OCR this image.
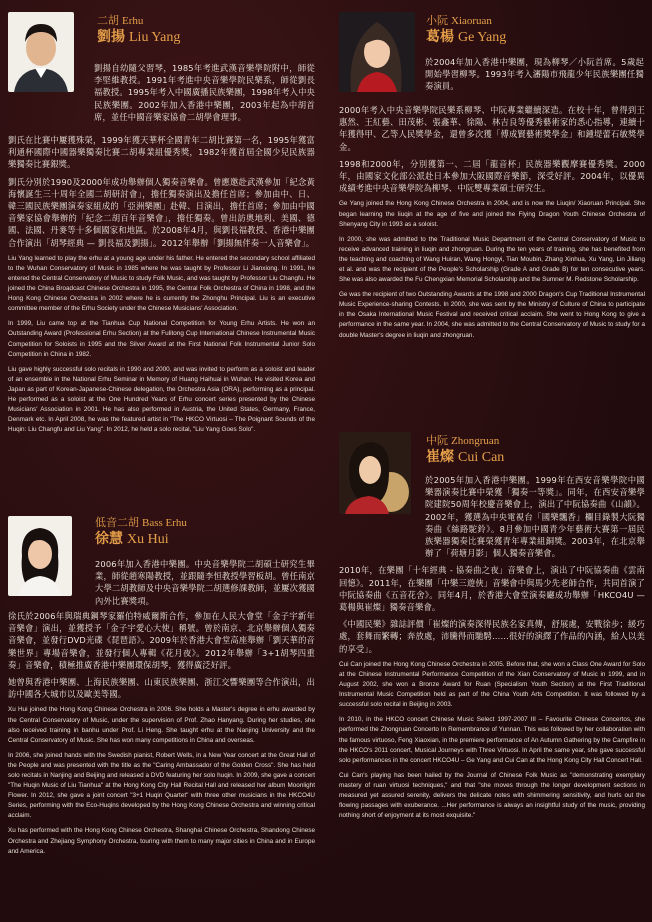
二胡 Erhu
劉揚 Liu Yang

劉揚自幼隨父習琴，1985年考進武漢音樂學院附中，師從李堅維教授。1991年考進中央音樂學院民樂系，師從劉長福教授。1995年考入中國廣播民族樂團，1998年考入中央民族樂團。2002年加入香港中樂團，2003年起為中胡首席，並任中國音樂家協會二胡學會理事。

劉氏在比賽中屢獲殊榮，1999年獲天華杯全國青年二胡比賽第一名，1995年獲富利通杯國際中國器樂獨奏比賽二胡專業組優秀獎，1982年獲首屆全國少兒民族器樂獨奏比賽銀獎。

劉氏分別於1990及2000年成功舉辦個人獨奏音樂會。曾應邀赴武漢參加「紀念黃海懷誕生三十周年全國二胡研討會」，擔任獨奏演出及擔任首席；參加由中、日、韓三國民族樂團演奏家組成的「亞洲樂團」赴韓、日演出，擔任首席；參加由中國音樂家協會舉辦的「紀念二胡百年音樂會」，擔任獨奏。曾出訪奧地利、美國、德國、法國、丹麥等十多個國家和地區。於2008年4月，與劉長福教授、香港中樂團合作演出「胡琴經典 — 劉長福及劉揚」。2012年舉辦「劉揚無伴奏一人音樂會」。

Liu Yang learned to play the erhu at a young age under his father. He entered the secondary school affiliated to the Wuhan Conservatory of Music in 1985 where he was taught by Professor Li Jianxiong. In 1991, he entered the Central Conservatory of Music to study Folk Music, and was taught by Professor Liu Changfu. He joined the China Broadcast Chinese Orchestra in 1995, the Central Folk Orchestra of China in 1998, and the Hong Kong Chinese Orchestra in 2002 where he is currently the Zhonghu Principal. Liu is an executive committee member of the Erhu Society under the Chinese Musicians' Association.

In 1999, Liu came top at the Tianhua Cup National Competition for Young Erhu Artists. He won an Outstanding Award (Professional Erhu Section) at the Fulitong Cup International Chinese Instrumental Music Competition for Soloists in 1995 and the Silver Award at the First National Folk Instrumental Junior Solo Competition in China in 1982.

Liu gave highly successful solo recitals in 1990 and 2000, and was invited to perform as a soloist and leader of an ensemble in the National Erhu Seminar in Memory of Huang Haihuai in Wuhan. He visited Korea and Japan as part of Korean-Japanese-Chinese delegation, the Orchestra Asia (ORA), performing as a principal. He performed as a soloist at the One Hundred Years of Erhu concert series presented by the Chinese Musicians' Association in 2001. He has also performed in Austria, the United States, Germany, France, Denmark etc. In April 2008, he was the featured artist in "The HKCO Virtuosi – The Poignant Sounds of the Huqin: Liu Changfu and Liu Yang". In 2012, he held a solo recital, "Liu Yang Goes Solo".

低音二胡 Bass Erhu
徐慧 Xu Hui

2006年加入香港中樂團。中央音樂學院二胡碩士研究生畢業，師從趙寒陽教授，並跟隨李恒教授學習板胡。曾任南京大學二胡教師及中央音樂學院二胡選修課教師，並屢次獲國內外比賽獎項。

徐氏於2006年與瑞典鋼琴家羅伯特威爾斯合作，參加在人民大會堂「金子宇新年音樂會」演出，並獲授予「金子宇愛心大使」稱號。曾於南京、北京舉辦個人獨奏音樂會，並發行DVD光碟《琵琶語》。2009年於香港大會堂高座舉辦「劉天華的音樂世界」專場音樂會，並發行個人專輯《花月夜》。2012年舉辦「3+1胡琴四重奏」音樂會，積極推廣香港中樂團環保胡琴，獲得廣泛好評。

她曾與香港中樂團、上海民族樂團、山東民族樂團、浙江交響樂團等合作演出，出訪中國各大城市以及歐美等國。

Xu Hui joined the Hong Kong Chinese Orchestra in 2006. She holds a Master's degree in erhu awarded by the Central Conservatory of Music, under the supervision of Prof. Zhao Hanyang. During her studies, she also received training in banhu under Prof. Li Heng. She taught erhu at the Nanjing University and the Central Conservatory of Music. She has won many competitions in China and overseas.

In 2006, she joined hands with the Swedish pianist, Robert Wells, in a New Year concert at the Great Hall of the People and was presented with the title as the "Caring Ambassador of the Golden Cross". She has held solo recitals in Nanjing and Beijing and released a DVD featuring her solo huqin. In 2009, she gave a concert "The Huqin Music of Liu Tianhua" at the Hong Kong City Hall Recital Hall and released her album Moonlight Flower. In 2012, she gave a joint concert "3+1 Huqin Quartet" with three other musicians in the HKCO4U Series, performing with the Eco-Huqins developed by the Hong Kong Chinese Orchestra and winning critical acclaim.

Xu has performed with the Hong Kong Chinese Orchestra, Shanghai Chinese Orchestra, Shandong Chinese Orchestra and Zhejiang Symphony Orchestra, touring with them to many major cities in China and in Europe and America.

小阮 Xiaoruan
葛楊 Ge Yang

於2004年加入香港中樂團，現為柳琴／小阮首席。5歲起開始學習柳琴。1993年考入瀋陽市飛龍少年民族樂團任獨奏演員。

2000年考入中央音樂學院民樂系柳琴、中阮專業繼續深造。在校十年，曾得到王惠然、王紅藝、田茂彬、張鑫華、徐陽、林吉良等優秀藝術家的悉心指導，連續十年獲得甲、乙等人民獎學金，還曾多次獲「傅成賢藝術獎學金」和鍾堤蕾石敏獎學金。

1998和2000年，分別獲第一、二屆「龍音杯」民族器樂觀摩賽優秀獎。2000年，由國家文化部公派赴日本參加大阪國際音樂節，深受好評。2004年，以優異成績考進中央音樂學院為柳琴、中阮雙專業碩士研究生。

Ge Yang joined the Hong Kong Chinese Orchestra in 2004, and is now the Liuqin/ Xiaoruan Principal. She began learning the liuqin at the age of five and joined the Flying Dragon Youth Chinese Orchestra of Shenyang City in 1993 as a soloist.

In 2000, she was admitted to the Traditional Music Department of the Central Conservatory of Music to receive advanced training in liuqin and zhongruan. During the ten years of training, she has benefited from the teaching and coaching of Wang Huiran, Wang Hongyi, Tian Moubin, Zhang Xinhua, Xu Yang, Lin Jiliang et al. and was the recipient of the People's Scholarship (Grade A and Grade B) for ten consecutive years. She was also awarded the Fu Chengxian Memorial Scholarship and the Sumner M. Redstone Scholarship.

Ge was the recipient of two Outstanding Awards at the 1998 and 2000 Dragon's Cup Traditional Instrumental Music Experience-sharing Contests. In 2000, she was sent by the Ministry of Culture of China to participate in the Osaka International Music Festival and received critical acclaim. She went to Hong Kong to give a performance in the same year. In 2004, she was admitted to the Central Conservatory of Music to study for a double Master's degree in liuqin and zhongruan.

中阮 Zhongruan
崔燦 Cui Can

於2005年加入香港中樂團。1999年在西安音樂學院中國樂器演奏比賽中榮獲「獨奏一等獎」。同年，在西安音樂學院建院50周年校慶音樂會上，演出了中阮協奏曲《山韻》。2002年，獲選為中央電視台「國樂飄香」欄目錄製大阮獨奏曲《絲路駝鈴》。8月參加中國青少年藝術大賽第一屆民族樂器獨奏比賽榮獲青年專業組銅獎。2003年，在北京舉辦了「荷塘月影」個人獨奏音樂會。

2010年，在樂團「十年經典 - 協奏曲之夜」音樂會上，演出了中阮協奏曲《雲南回憶》。2011年，在樂團「中樂三遊俠」音樂會中與馬少先老師合作，共同首演了中阮協奏曲《五音花舍》。同年4月，於香港大會堂演奏廳成功舉辦「HKCO4U — 葛楊與崔燦」獨奏音樂會。

《中國民樂》雜誌評價「崔燦的演奏深得民族名家真傳，舒展處，安戰徐步；緩巧處，套舞而繁轉；奔放處，沛騰得而馳騁……很好的演繹了作品的內涵，給人以美的享受」。

Cui Can joined the Hong Kong Chinese Orchestra in 2005. Before that, she won a Class One Award for Solo at the Chinese Instrumental Performance Competition of the Xian Conservatory of Music in 1999, and in August 2002, she won a Bronze Award for Ruan (Specialism Youth Section) at the First Traditional Instrumental Music Competition held as part of the China Youth Arts Competition. It was followed by a successful solo recital in Beijing in 2003.

In 2010, in the HKCO concert Chinese Music Select 1997-2007 III – Favourite Chinese Concertos, she performed the Zhongruan Concerto In Remembrance of Yunnan. This was followed by her collaboration with the famous virtuoso, Feng Xiaoxian, in the premiere performance of An Autumn Gathering by the Campfire in the HKCO's 2011 concert, Musical Journeys with Three Virtuosi. In April the same year, she gave successful solo performances in the concert HKCO4U – Ge Yang and Cui Can at the Hong Kong City Hall Concert Hall.

Cui Can's playing has been hailed by the Journal of Chinese Folk Music as "demonstrating exemplary mastery of ruan virtuosi techniques," and that "she moves through the longer development sections in measured yet assured serenity, delivers the delicate notes with shimmering sensitivity, and hurls out the flowing passages with exuberance. ...Her performance is always an insightful study of the music, providing nothing short of enjoyment at its most exquisite."
